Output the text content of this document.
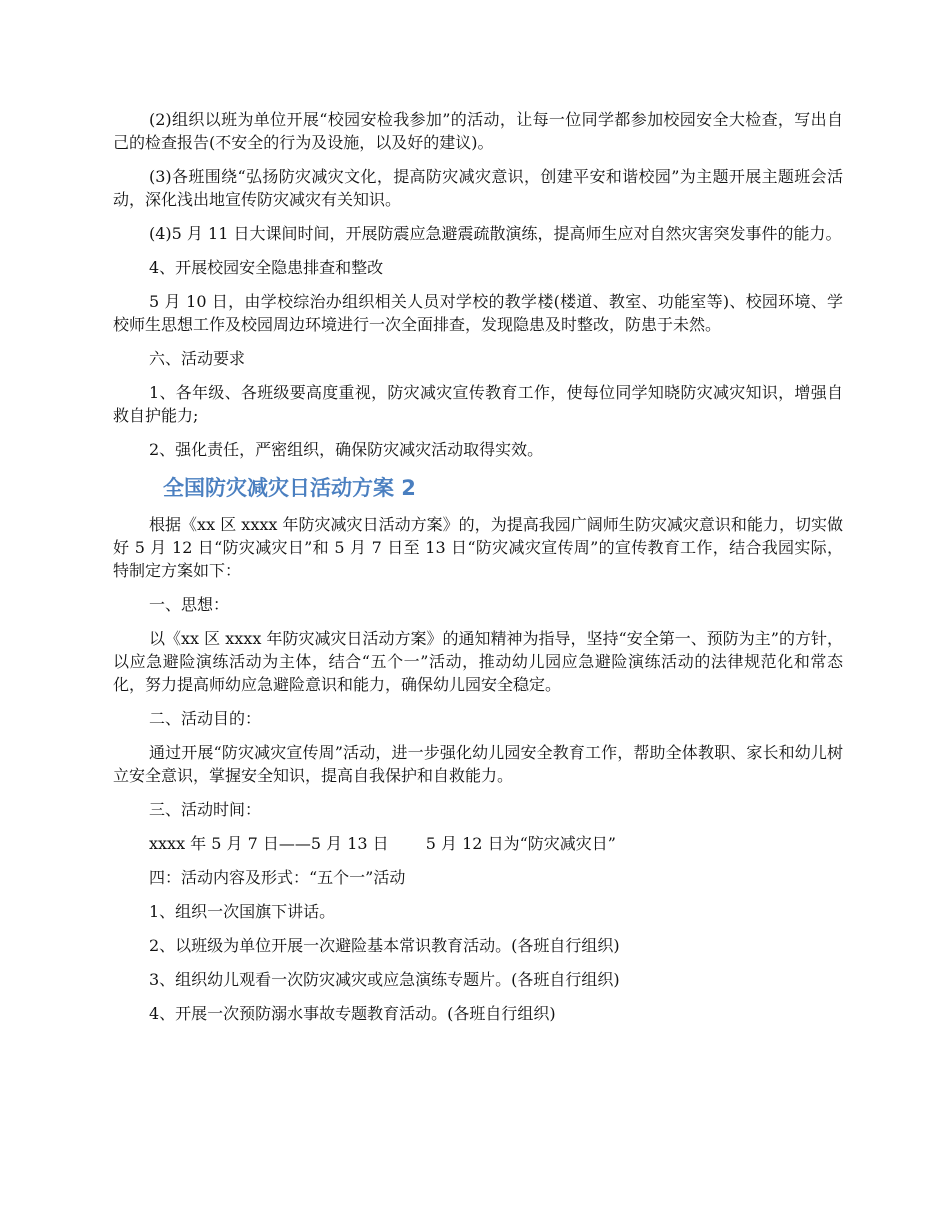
(2)组织以班为单位开展“校园安检我参加”的活动，让每一位同学都参加校园安全大检查，写出自己的检查报告(不安全的行为及设施，以及好的建议)。

(3)各班围绕“弘扬防灾减灾文化，提高防灾减灾意识，创建平安和谐校园”为主题开展主题班会活动，深化浅出地宣传防灾减灾有关知识。

(4)5 月 11 日大课间时间，开展防震应急避震疏散演练，提高师生应对自然灾害突发事件的能力。

4、开展校园安全隐患排查和整改

5 月 10 日，由学校综治办组织相关人员对学校的教学楼(楼道、教室、功能室等)、校园环境、学校师生思想工作及校园周边环境进行一次全面排查，发现隐患及时整改，防患于未然。

六、活动要求

1、各年级、各班级要高度重视，防灾减灾宣传教育工作，使每位同学知晓防灾减灾知识，增强自救自护能力;

2、强化责任，严密组织，确保防灾减灾活动取得实效。

全国防灾减灾日活动方案 2

根据《xx 区 xxxx 年防灾减灾日活动方案》的，为提高我园广阔师生防灾减灾意识和能力，切实做好 5 月 12 日“防灾减灾日”和 5 月 7 日至 13 日“防灾减灾宣传周”的宣传教育工作，结合我园实际，特制定方案如下：

一、思想：

以《xx 区 xxxx 年防灾减灾日活动方案》的通知精神为指导，坚持“安全第一、预防为主”的方针，以应急避险演练活动为主体，结合“五个一”活动，推动幼儿园应急避险演练活动的法律规范化和常态化，努力提高师幼应急避险意识和能力，确保幼儿园安全稳定。

二、活动目的：

通过开展“防灾减灾宣传周”活动，进一步强化幼儿园安全教育工作，帮助全体教职、家长和幼儿树立安全意识，掌握安全知识，提高自我保护和自救能力。

三、活动时间：

xxxx 年 5 月 7 日——5 月 13 日　　 5 月 12 日为“防灾减灾日”

四：活动内容及形式：“五个一”活动

1、组织一次国旗下讲话。

2、以班级为单位开展一次避险基本常识教育活动。(各班自行组织)

3、组织幼儿观看一次防灾减灾或应急演练专题片。(各班自行组织)

4、开展一次预防溺水事故专题教育活动。(各班自行组织)
